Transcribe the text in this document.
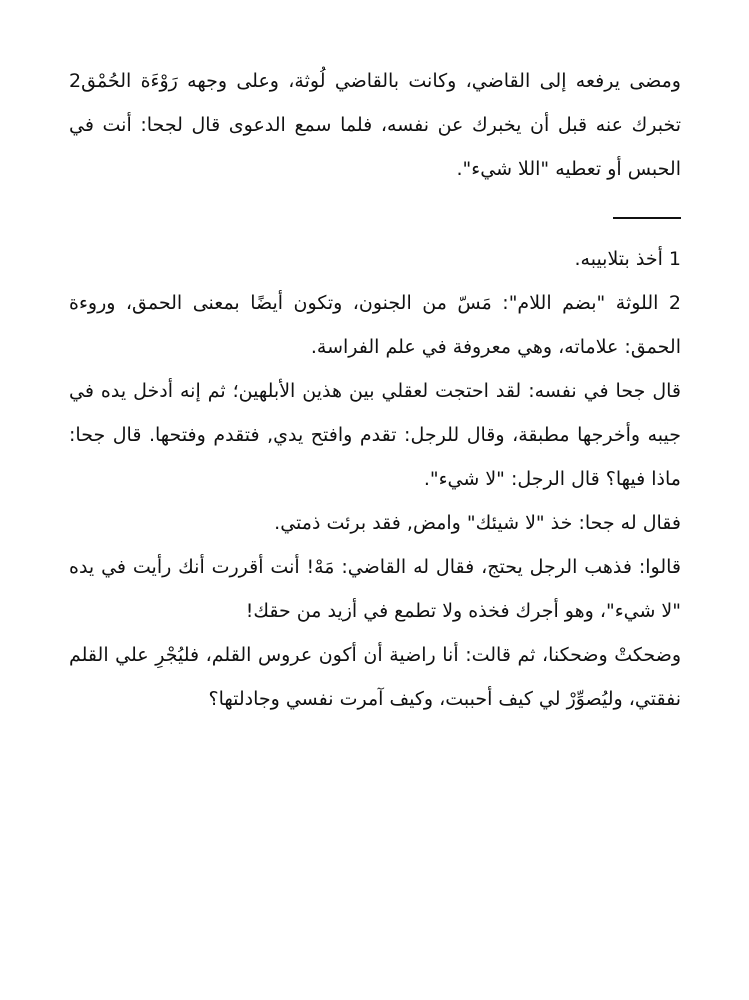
ومضى يرفعه إلى القاضي، وكانت بالقاضي لُوثة، وعلى وجهه رَوْءَة الحُمْق2 تخبرك عنه قبل أن يخبرك عن نفسه، فلما سمع الدعوى قال لجحا: أنت في الحبس أو تعطيه "اللا شيء".

1 أخذ بتلابيبه.

2 اللوثة "بضم اللام": مَسّ من الجنون، وتكون أيضًا بمعنى الحمق، وروءة الحمق: علاماته، وهي معروفة في علم الفراسة.

قال جحا في نفسه: لقد احتجت لعقلي بين هذين الأبلهين؛ ثم إنه أدخل يده في جيبه وأخرجها مطبقة، وقال للرجل: تقدم وافتح يدي, فتقدم وفتحها. قال جحا: ماذا فيها؟ قال الرجل: "لا شيء".

فقال له جحا: خذ "لا شيئك" وامض, فقد برئت ذمتي.

قالوا: فذهب الرجل يحتج، فقال له القاضي: مَهْ! أنت أقررت أنك رأيت في يده "لا شيء"، وهو أجرك فخذه ولا تطمع في أزيد من حقك!

وضحكتْ وضحكنا، ثم قالت: أنا راضية أن أكون عروس القلم، فليُجْرِ علي القلم نفقتي، وليُصوِّرْ لي كيف أحببت، وكيف آمرت نفسي وجادلتها؟
